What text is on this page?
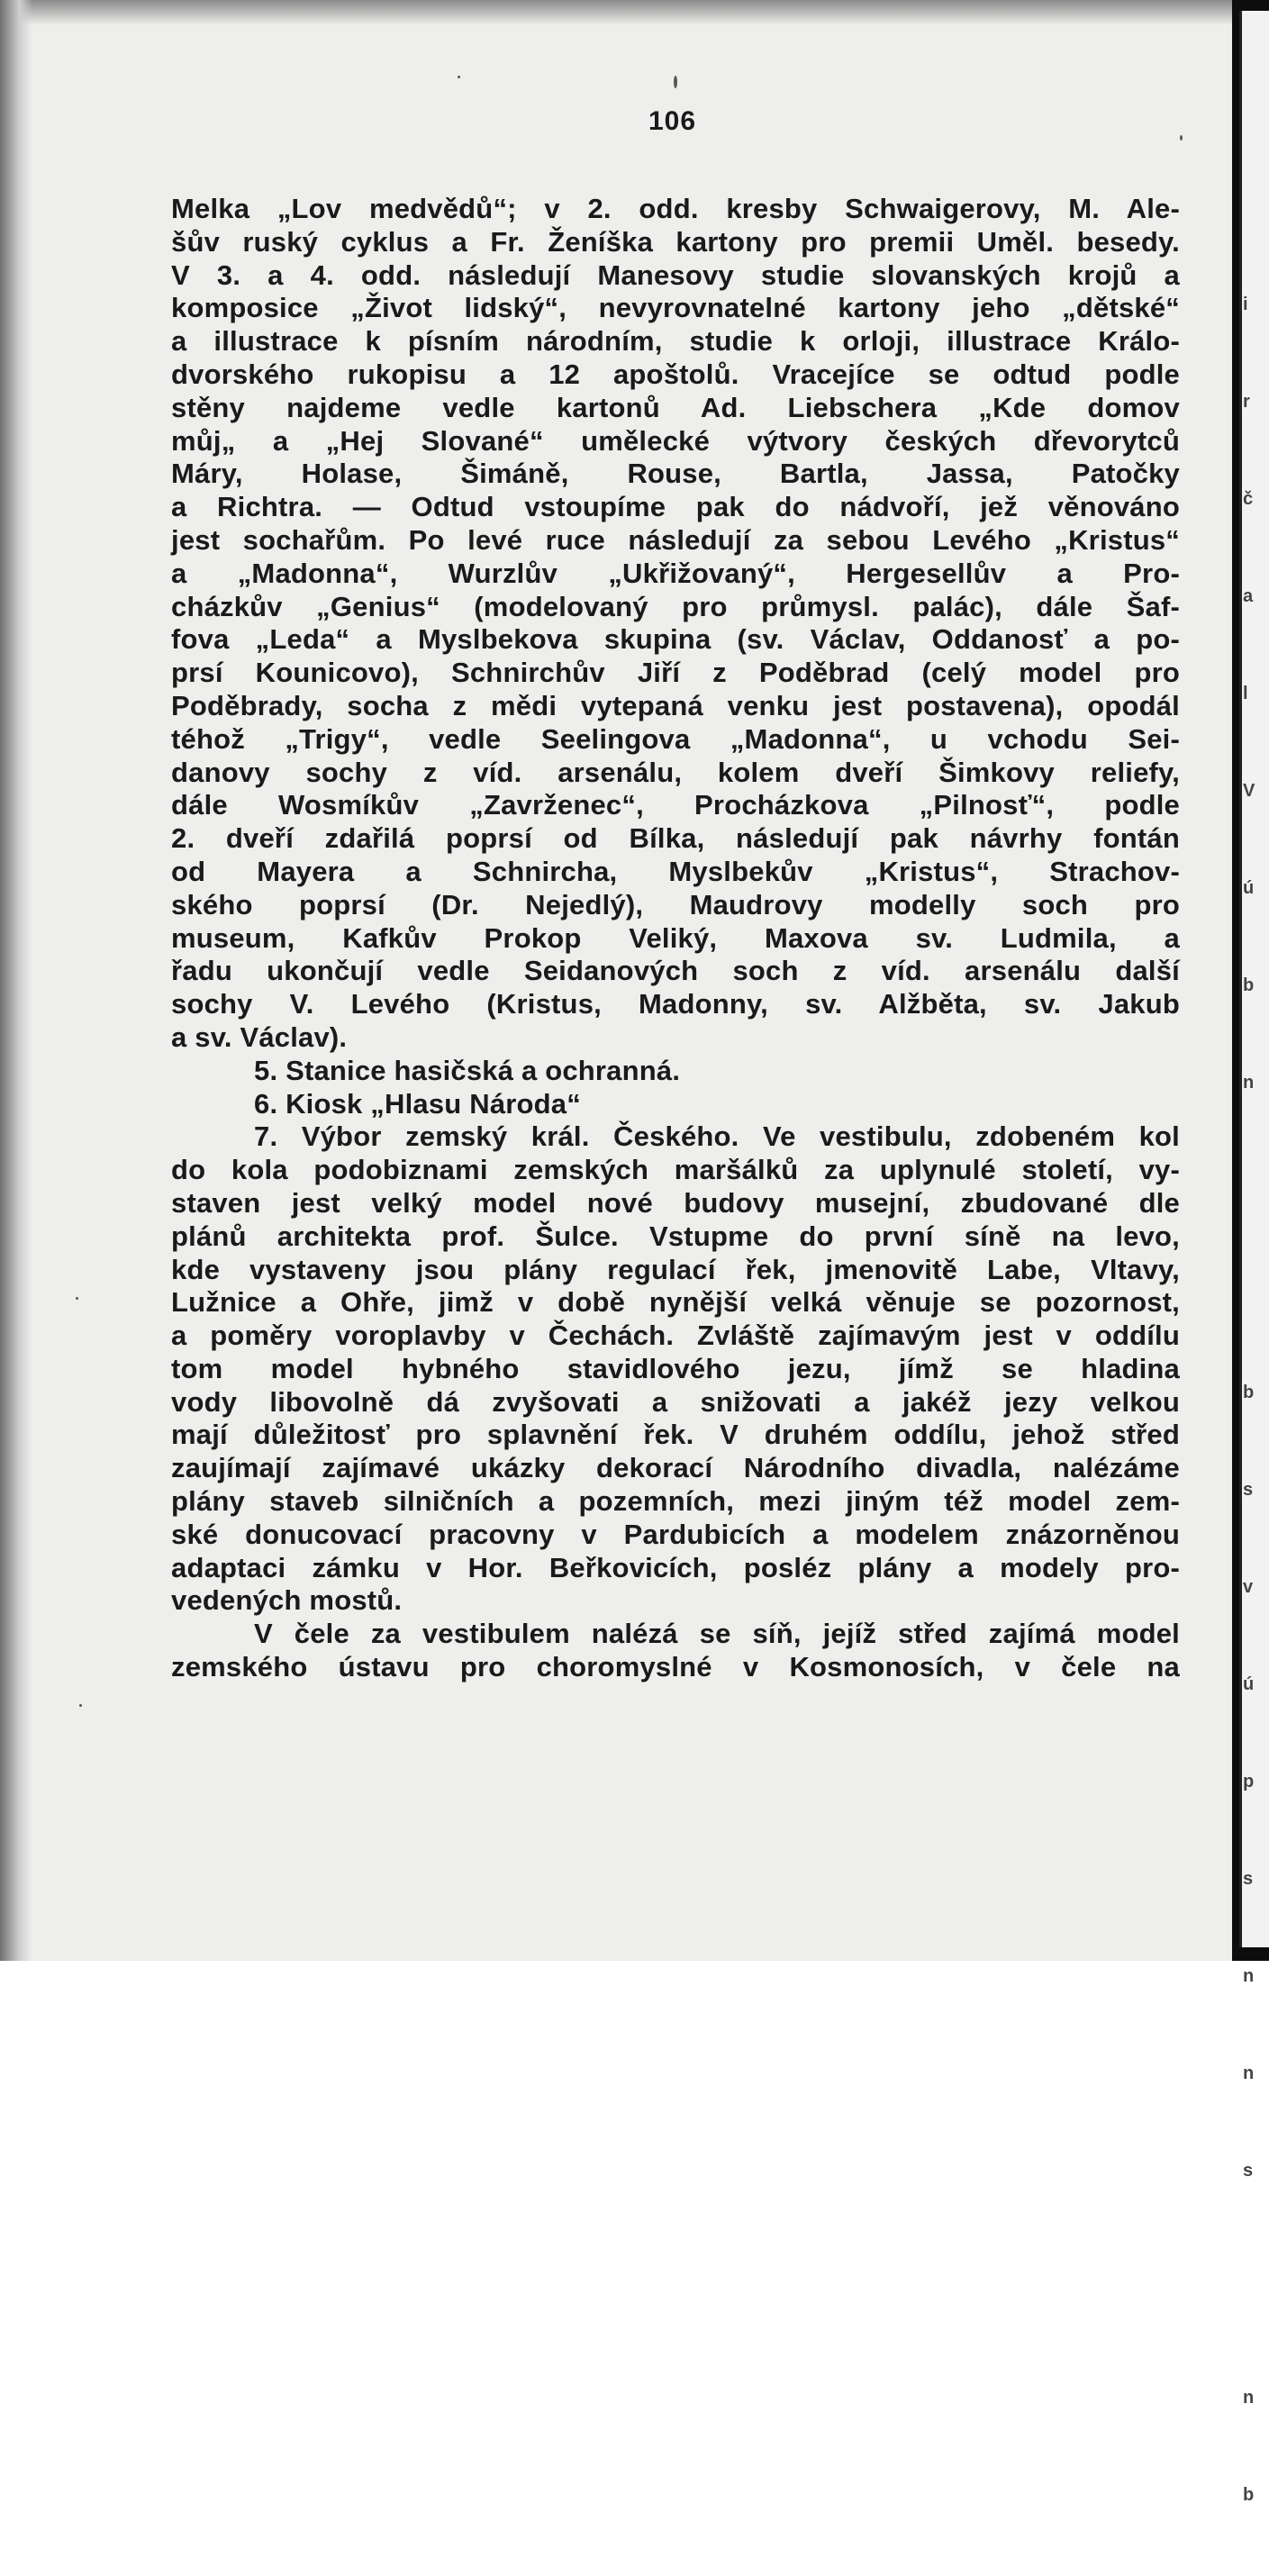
i

r

č

a

l

V

ú

b

n

b

s

v

ú

p

s

n

n

s

n

b

106
Melka „Lov medvědů“; v 2. odd. kresby Schwaigerovy, M. Ale-
šův ruský cyklus a Fr. Ženíška kartony pro premii Uměl. besedy.
V 3. a 4. odd. následují Manesovy studie slovanských krojů a
komposice „Život lidský“, nevyrovnatelné kartony jeho „dětské“
a illustrace k písním národním, studie k orloji, illustrace Králo-
dvorského rukopisu a 12 apoštolů. Vracejíce se odtud podle
stěny najdeme vedle kartonů Ad. Liebschera „Kde domov
můj„ a „Hej Slované“ umělecké výtvory českých dřevorytců
Máry, Holase, Šimáně, Rouse, Bartla, Jassa, Patočky
a Richtra. — Odtud vstoupíme pak do nádvoří, jež věnováno
jest sochařům. Po levé ruce následují za sebou Levého „Kristus“
a „Madonna“, Wurzlův „Ukřižovaný“, Hergesellův a Pro-
cházkův „Genius“ (modelovaný pro průmysl. palác), dále Šaf-
fova „Leda“ a Myslbekova skupina (sv. Václav, Oddanosť a po-
prsí Kounicovo), Schnirchův Jiří z Poděbrad (celý model pro
Poděbrady, socha z mědi vytepaná venku jest postavena), opodál
téhož „Trigy“, vedle Seelingova „Madonna“, u vchodu Sei-
danovy sochy z víd. arsenálu, kolem dveří Šimkovy reliefy,
dále Wosmíkův „Zavrženec“, Procházkova „Pilnosť“, podle
2. dveří zdařilá poprsí od Bílka, následují pak návrhy fontán
od Mayera a Schnircha, Myslbekův „Kristus“, Strachov-
ského poprsí (Dr. Nejedlý), Maudrovy modelly soch pro
museum, Kafkův Prokop Veliký, Maxova sv. Ludmila, a
řadu ukončují vedle Seidanových soch z víd. arsenálu další
sochy V. Levého (Kristus, Madonny, sv. Alžběta, sv. Jakub
a sv. Václav).
5. Stanice hasičská a ochranná.
6. Kiosk „Hlasu Národa“
7. Výbor zemský král. Českého. Ve vestibulu, zdobeném kol
do kola podobiznami zemských maršálků za uplynulé století, vy-
staven jest velký model nové budovy musejní, zbudované dle
plánů architekta prof. Šulce. Vstupme do první síně na levo,
kde vystaveny jsou plány regulací řek, jmenovitě Labe, Vltavy,
Lužnice a Ohře, jimž v době nynější velká věnuje se pozornost,
a poměry voroplavby v Čechách. Zvláště zajímavým jest v oddílu
tom model hybného stavidlového jezu, jímž se hladina
vody libovolně dá zvyšovati a snižovati a jakéž jezy velkou
mají důležitosť pro splavnění řek. V druhém oddílu, jehož střed
zaujímají zajímavé ukázky dekorací Národního divadla, nalézáme
plány staveb silničních a pozemních, mezi jiným též model zem-
ské donucovací pracovny v Pardubicích a modelem znázorněnou
adaptaci zámku v Hor. Beřkovicích, posléz plány a modely pro-
vedených mostů.
V čele za vestibulem nalézá se síň, jejíž střed zajímá model
zemského ústavu pro choromyslné v Kosmonosích, v čele na
